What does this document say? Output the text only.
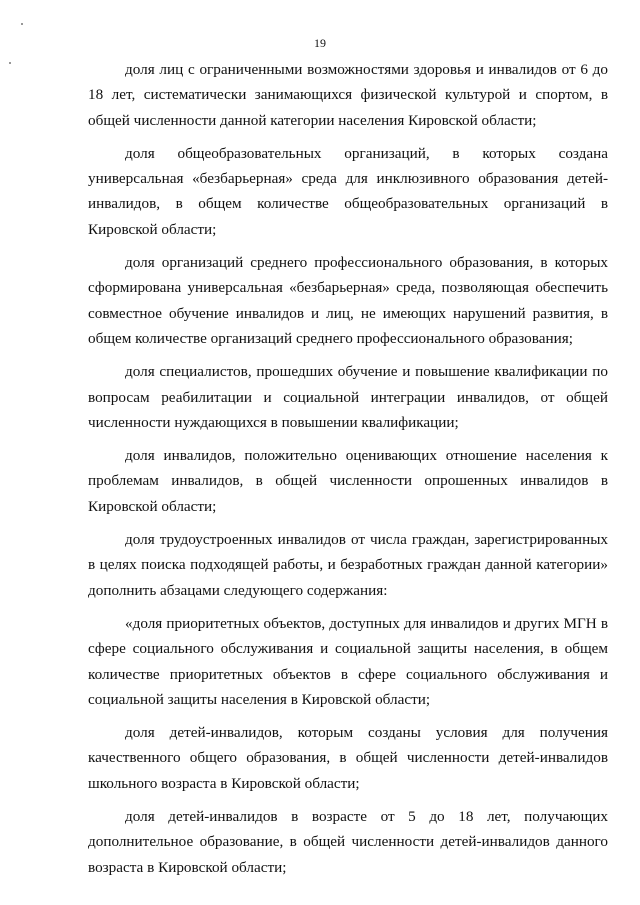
19

доля лиц с ограниченными возможностями здоровья и инвалидов от 6 до 18 лет, систематически занимающихся физической культурой и спортом, в общей численности данной категории населения Кировской области;

доля общеобразовательных организаций, в которых создана универсальная «безбарьерная» среда для инклюзивного образования детей-инвалидов, в общем количестве общеобразовательных организаций в Кировской области;

доля организаций среднего профессионального образования, в которых сформирована универсальная «безбарьерная» среда, позволяющая обеспечить совместное обучение инвалидов и лиц, не имеющих нарушений развития, в общем количестве организаций среднего профессионального образования;

доля специалистов, прошедших обучение и повышение квалификации по вопросам реабилитации и социальной интеграции инвалидов, от общей численности нуждающихся в повышении квалификации;

доля инвалидов, положительно оценивающих отношение населения к проблемам инвалидов, в общей численности опрошенных инвалидов в Кировской области;

доля трудоустроенных инвалидов от числа граждан, зарегистрированных в целях поиска подходящей работы, и безработных граждан данной категории» дополнить абзацами следующего содержания:

«доля приоритетных объектов, доступных для инвалидов и других МГН в сфере социального обслуживания и социальной защиты населения, в общем количестве приоритетных объектов в сфере социального обслуживания и социальной защиты населения в Кировской области;

доля детей-инвалидов, которым созданы условия для получения качественного общего образования, в общей численности детей-инвалидов школьного возраста в Кировской области;

доля детей-инвалидов в возрасте от 5 до 18 лет, получающих дополнительное образование, в общей численности детей-инвалидов данного возраста в Кировской области;
